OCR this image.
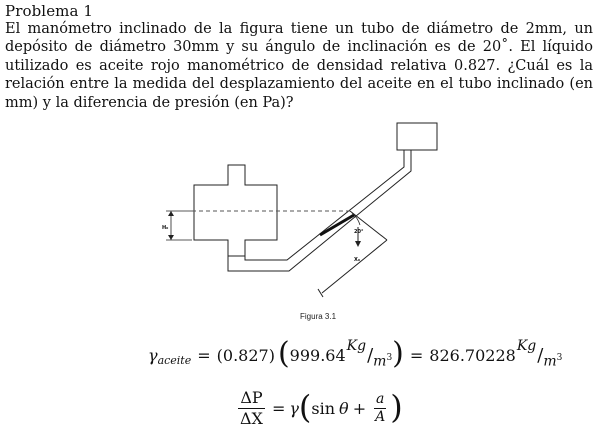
Problema 1

El manómetro inclinado de la figura tiene un tubo de diámetro de 2mm, un depósito de diámetro 30mm y su ángulo de inclinación es de 20˚. El líquido utilizado es aceite rojo manométrico de densidad relativa 0.827. ¿Cuál es la relación entre la medida del desplazamiento del aceite en el tubo inclinado (en mm) y la diferencia de presión (en Pa)?

H₀
20°
X₀
Figura 3.1
γ aceite = (0.827) ( 999.64 Kg / $m^3$ ) = 826.70228 Kg / $m^3$
$\frac{\Delta P}{\Delta X} = \gamma$ ( $\sin \theta + \frac{a}{A}$ )
